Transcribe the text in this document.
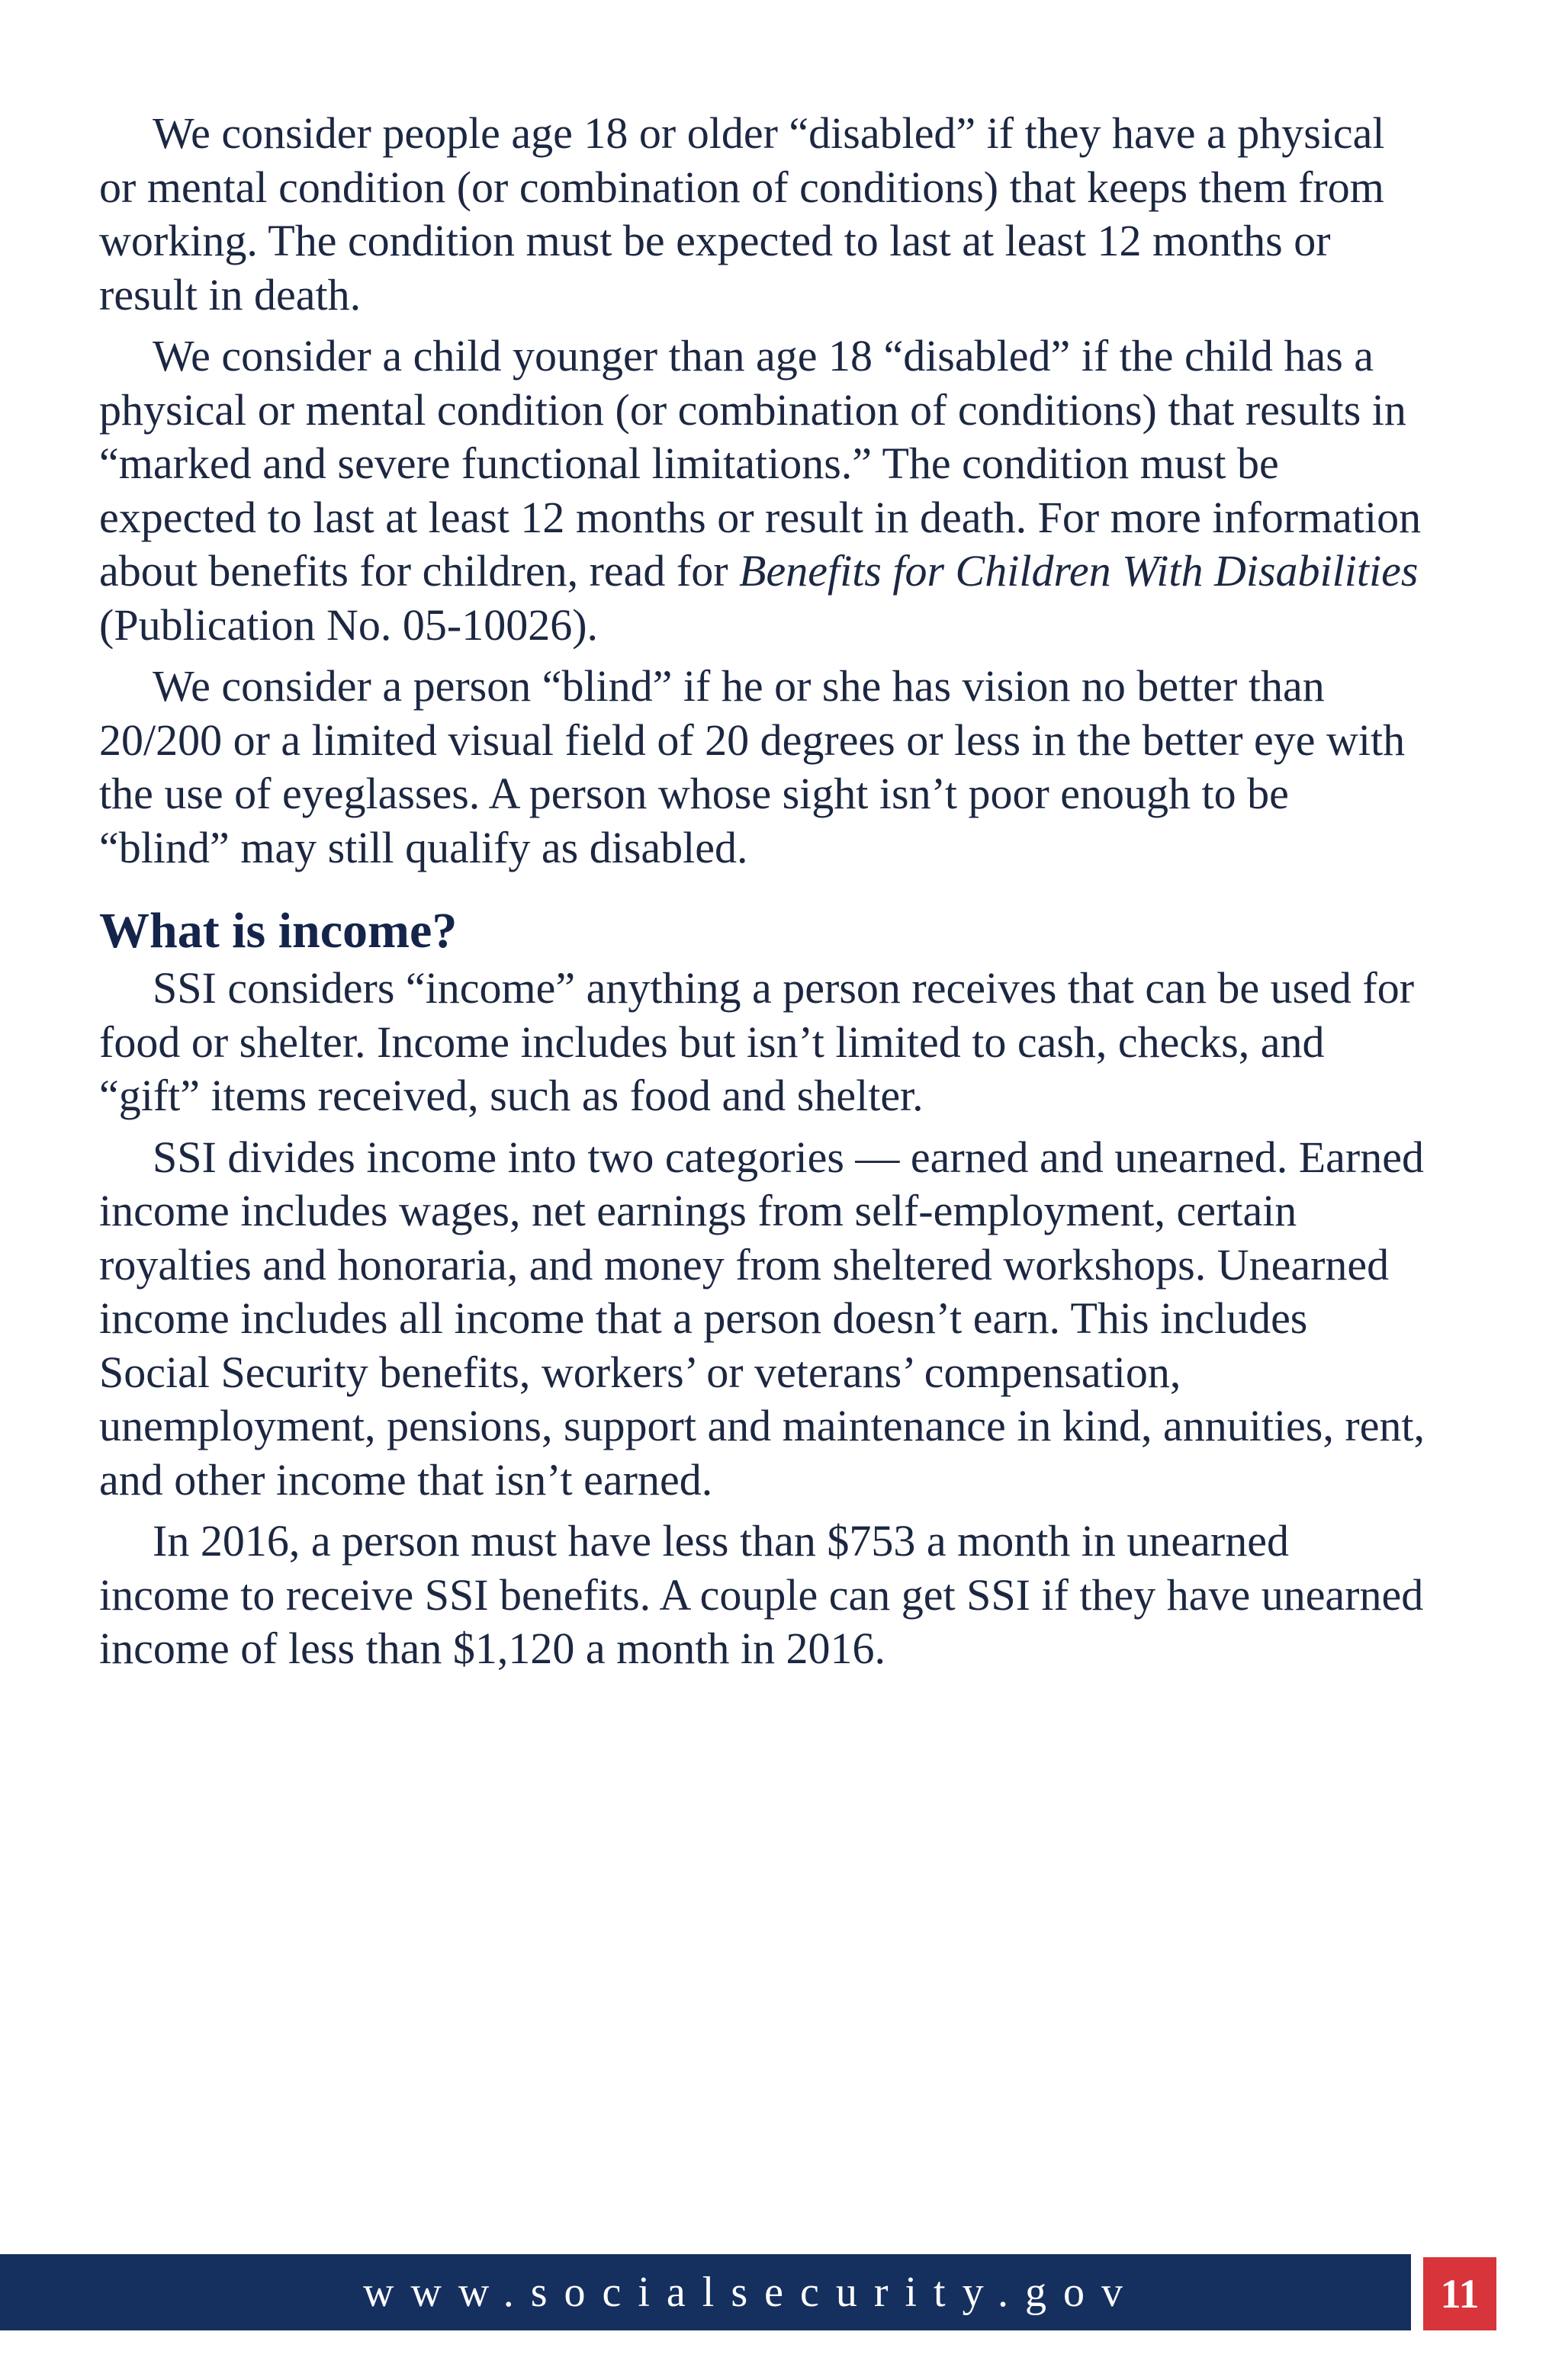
We consider people age 18 or older “disabled” if they have a physical or mental condition (or combination of conditions) that keeps them from working. The condition must be expected to last at least 12 months or result in death.

We consider a child younger than age 18 “disabled” if the child has a physical or mental condition (or combination of conditions) that results in “marked and severe functional limitations.” The condition must be expected to last at least 12 months or result in death. For more information about benefits for children, read for Benefits for Children With Disabilities (Publication No. 05-10026).

We consider a person “blind” if he or she has vision no better than 20/200 or a limited visual field of 20 degrees or less in the better eye with the use of eyeglasses. A person whose sight isn’t poor enough to be “blind” may still qualify as disabled.

What is income?

SSI considers “income” anything a person receives that can be used for food or shelter. Income includes but isn’t limited to cash, checks, and “gift” items received, such as food and shelter.

SSI divides income into two categories — earned and unearned. Earned income includes wages, net earnings from self-employment, certain royalties and honoraria, and money from sheltered workshops. Unearned income includes all income that a person doesn’t earn. This includes Social Security benefits, workers’ or veterans’ compensation, unemployment, pensions, support and maintenance in kind, annuities, rent, and other income that isn’t earned.

In 2016, a person must have less than $753 a month in unearned income to receive SSI benefits. A couple can get SSI if they have unearned income of less than $1,120 a month in 2016.

www.socialsecurity.gov	11
